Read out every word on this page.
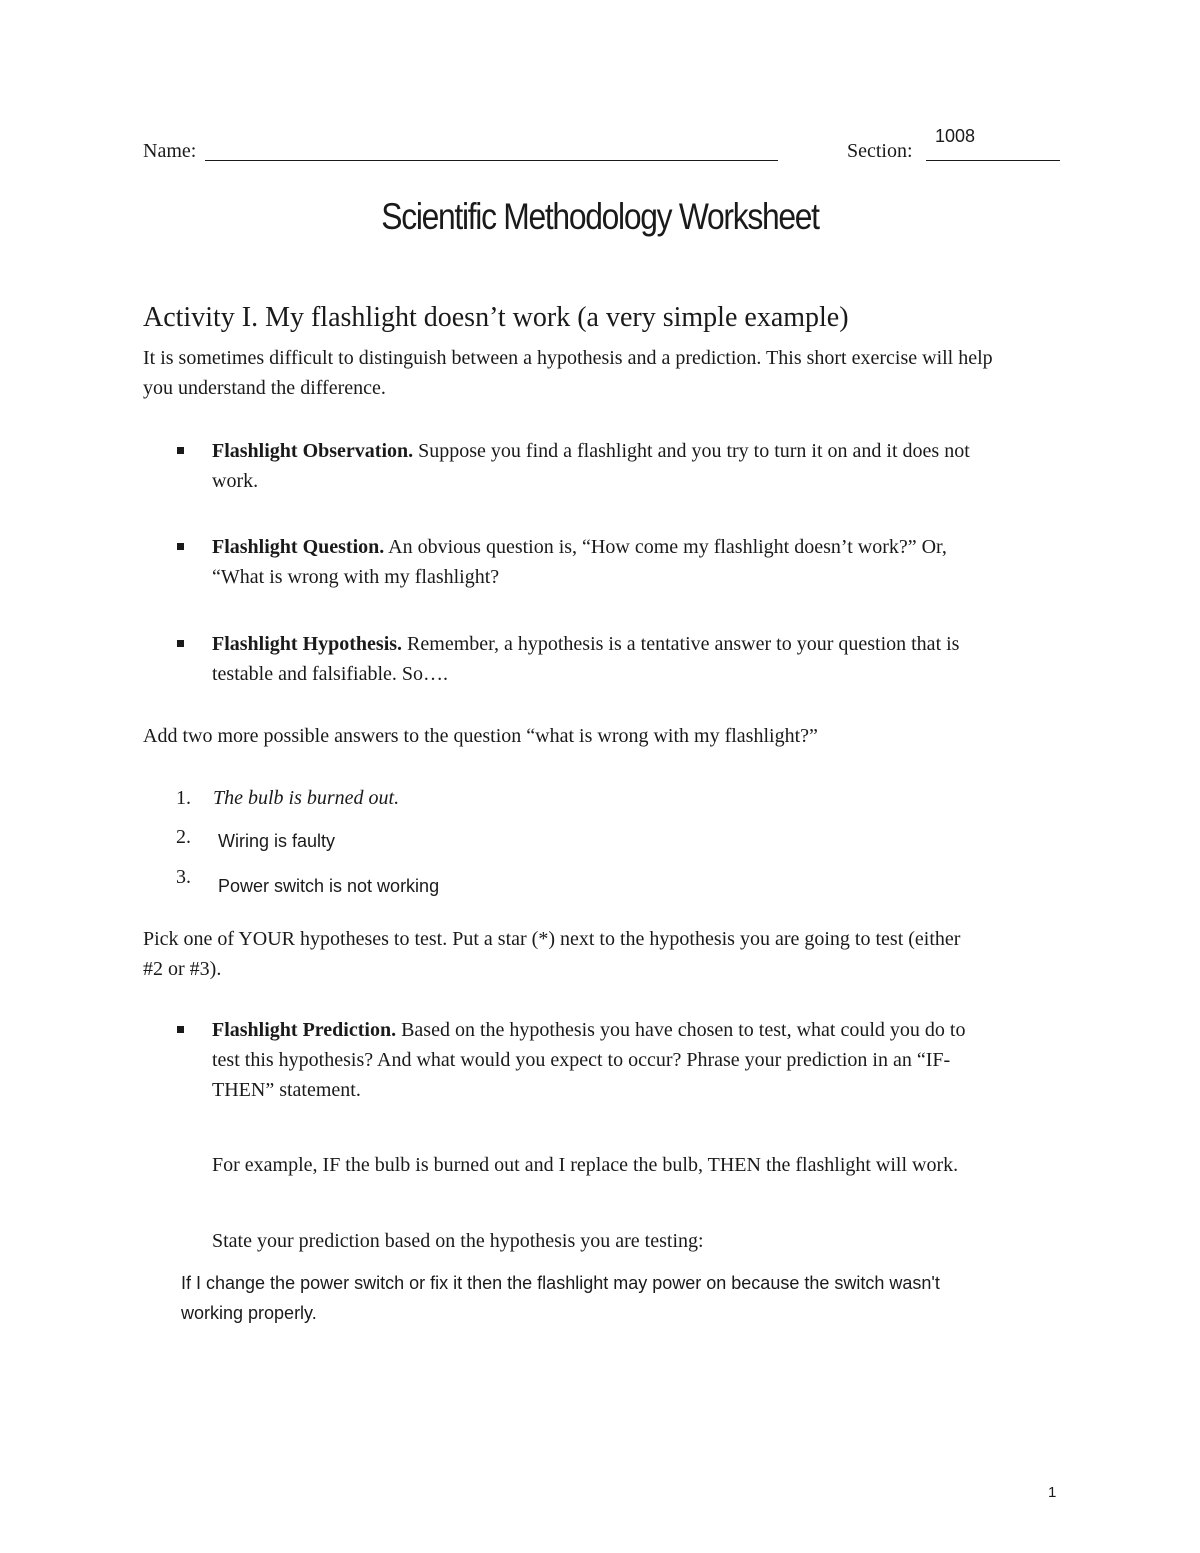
Name:	Section:
1008
Scientific Methodology Worksheet
Activity I. My flashlight doesn’t work (a very simple example)
It is sometimes difficult to distinguish between a hypothesis and a prediction. This short exercise will help
you understand the difference.
Flashlight Observation. Suppose you find a flashlight and you try to turn it on and it does not
work.
Flashlight Question. An obvious question is, “How come my flashlight doesn’t work?” Or,
“What is wrong with my flashlight?
Flashlight Hypothesis. Remember, a hypothesis is a tentative answer to your question that is
testable and falsifiable. So….
Add two more possible answers to the question “what is wrong with my flashlight?”
1. The bulb is burned out.
2. Wiring is faulty
3. Power switch is not working
Pick one of YOUR hypotheses to test. Put a star (*) next to the hypothesis you are going to test (either
#2 or #3).
Flashlight Prediction. Based on the hypothesis you have chosen to test, what could you do to
test this hypothesis? And what would you expect to occur? Phrase your prediction in an “IF-
THEN” statement.
For example, IF the bulb is burned out and I replace the bulb, THEN the flashlight will work.
State your prediction based on the hypothesis you are testing:
If I change the power switch or fix it then the flashlight may power on because the switch wasn't
working properly.
1
